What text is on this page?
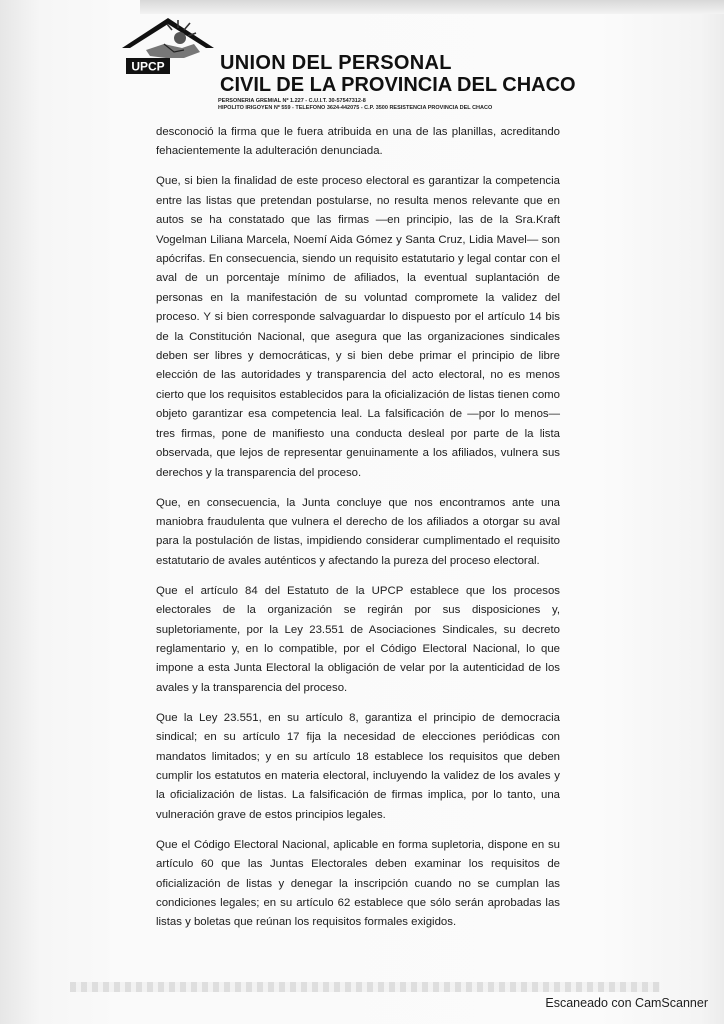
UPCP	UNION DEL PERSONAL
CIVIL DE LA PROVINCIA DEL CHACO
PERSONERIA GREMIAL Nº 1.227 - C.U.I.T. 30-57547312-8
HIPOLITO IRIGOYEN Nº 559 - TELEFONO 3624-442075 - C.P. 3500 RESISTENCIA PROVINCIA DEL CHACO

desconoció la firma que le fuera atribuida en una de las planillas, acreditando fehacientemente la adulteración denunciada.

Que, si bien la finalidad de este proceso electoral es garantizar la competencia entre las listas que pretendan postularse, no resulta menos relevante que en autos se ha constatado que las firmas —en principio, las de la Sra.Kraft Vogelman Liliana Marcela, Noemí Aida Gómez y Santa Cruz, Lidia Mavel— son apócrifas. En consecuencia, siendo un requisito estatutario y legal contar con el aval de un porcentaje mínimo de afiliados, la eventual suplantación de personas en la manifestación de su voluntad compromete la validez del proceso. Y si bien corresponde salvaguardar lo dispuesto por el artículo 14 bis de la Constitución Nacional, que asegura que las organizaciones sindicales deben ser libres y democráticas, y si bien debe primar el principio de libre elección de las autoridades y transparencia del acto electoral, no es menos cierto que los requisitos establecidos para la oficialización de listas tienen como objeto garantizar esa competencia leal. La falsificación de —por lo menos— tres firmas, pone de manifiesto una conducta desleal por parte de la lista observada, que lejos de representar genuinamente a los afiliados, vulnera sus derechos y la transparencia del proceso.

Que, en consecuencia, la Junta concluye que nos encontramos ante una maniobra fraudulenta que vulnera el derecho de los afiliados a otorgar su aval para la postulación de listas, impidiendo considerar cumplimentado el requisito estatutario de avales auténticos y afectando la pureza del proceso electoral.

Que el artículo 84 del Estatuto de la UPCP establece que los procesos electorales de la organización se regirán por sus disposiciones y, supletoriamente, por la Ley 23.551 de Asociaciones Sindicales, su decreto reglamentario y, en lo compatible, por el Código Electoral Nacional, lo que impone a esta Junta Electoral la obligación de velar por la autenticidad de los avales y la transparencia del proceso.

Que la Ley 23.551, en su artículo 8, garantiza el principio de democracia sindical; en su artículo 17 fija la necesidad de elecciones periódicas con mandatos limitados; y en su artículo 18 establece los requisitos que deben cumplir los estatutos en materia electoral, incluyendo la validez de los avales y la oficialización de listas. La falsificación de firmas implica, por lo tanto, una vulneración grave de estos principios legales.

Que el Código Electoral Nacional, aplicable en forma supletoria, dispone en su artículo 60 que las Juntas Electorales deben examinar los requisitos de oficialización de listas y denegar la inscripción cuando no se cumplan las condiciones legales; en su artículo 62 establece que sólo serán aprobadas las listas y boletas que reúnan los requisitos formales exigidos.

Escaneado con CamScanner
